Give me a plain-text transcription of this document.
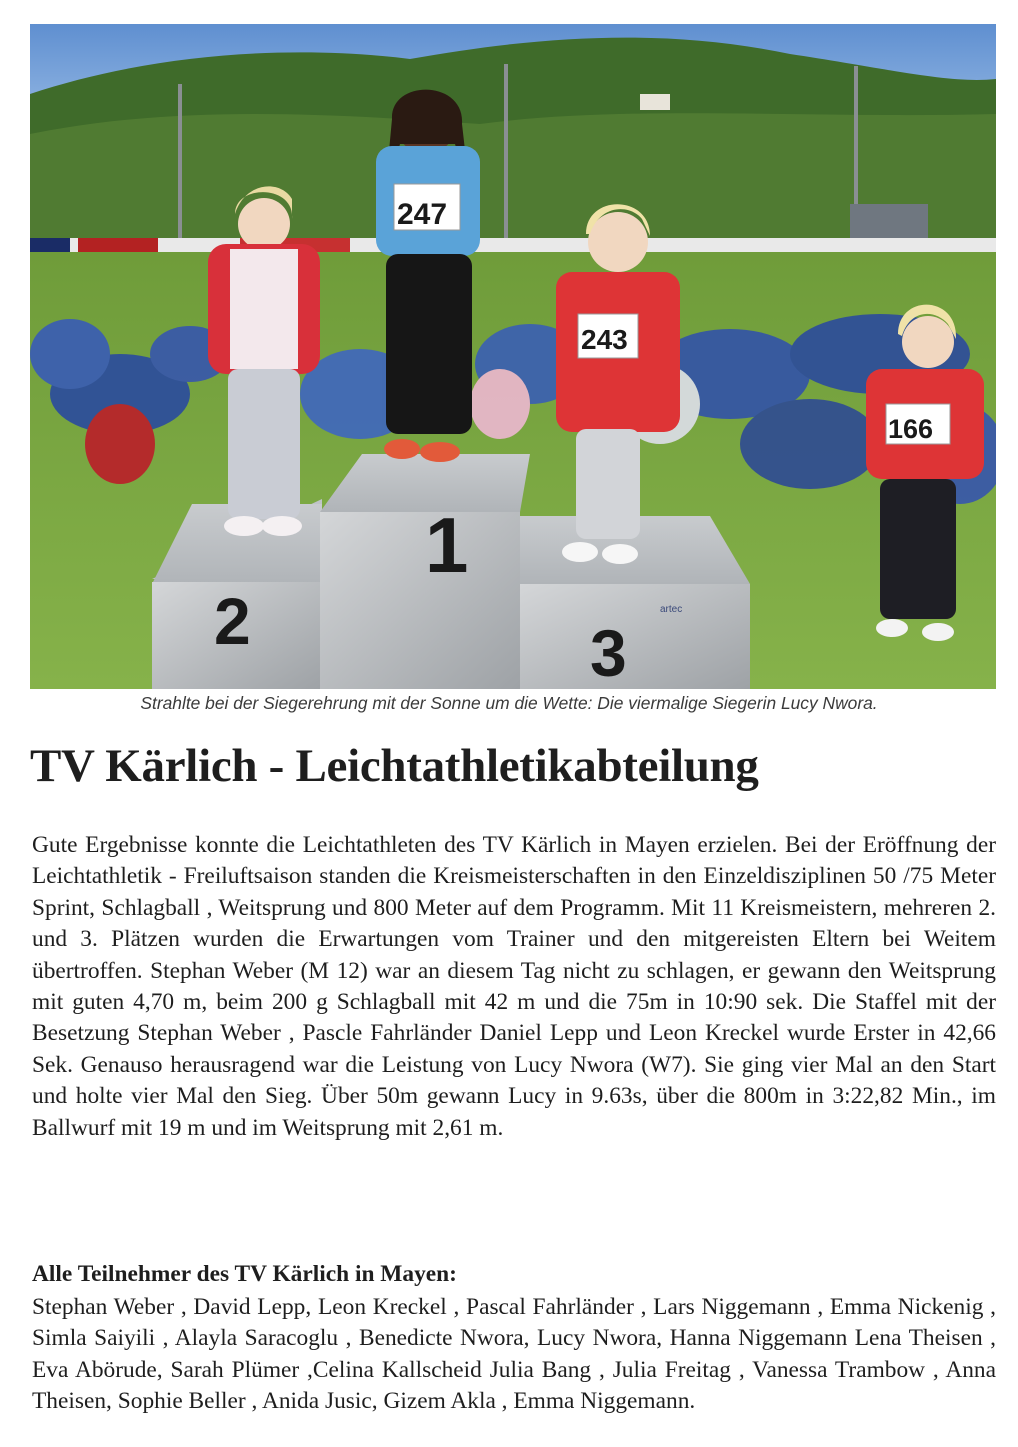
1
2	3
artec
247
243
166
Strahlte bei der Siegerehrung mit der Sonne um die Wette: Die viermalige Siegerin Lucy Nwora.
TV Kärlich - Leichtathletikabteilung

Gute Ergebnisse konnte die Leichtathleten des TV Kärlich in Mayen erzielen. Bei der Eröffnung der Leichtathletik - Freiluftsaison standen die Kreismeisterschaften in den Einzeldisziplinen 50 /75 Meter Sprint, Schlagball , Weitsprung und 800 Meter auf dem Programm. Mit 11 Kreismeistern, mehreren 2. und 3. Plätzen wurden die Erwartungen vom Trainer und den mitgereisten Eltern bei Weitem übertroffen. Stephan Weber (M 12) war an diesem Tag nicht zu schlagen, er gewann den Weitsprung mit guten 4,70 m, beim 200 g Schlagball mit 42 m und die 75m in 10:90 sek. Die Staffel mit der Besetzung Stephan Weber , Pascle Fahrländer Daniel Lepp und Leon Kreckel wurde Erster in 42,66 Sek. Genauso herausragend war die Leistung von Lucy Nwora (W7). Sie ging vier Mal an den Start und holte vier Mal den Sieg. Über 50m gewann Lucy in 9.63s, über die 800m in 3:22,82 Min., im Ballwurf mit 19 m und im Weitsprung mit 2,61 m.

Alle Teilnehmer des TV Kärlich in Mayen:

Stephan Weber , David Lepp, Leon Kreckel , Pascal Fahrländer , Lars Niggemann , Emma Nickenig , Simla Saiyili , Alayla Saracoglu , Benedicte Nwora, Lucy Nwora, Hanna Niggemann Lena Theisen , Eva Abörude, Sarah Plümer ,Celina Kallscheid Julia Bang , Julia Freitag , Vanessa Trambow , Anna Theisen, Sophie Beller , Anida Jusic, Gizem Akla , Emma Niggemann.
